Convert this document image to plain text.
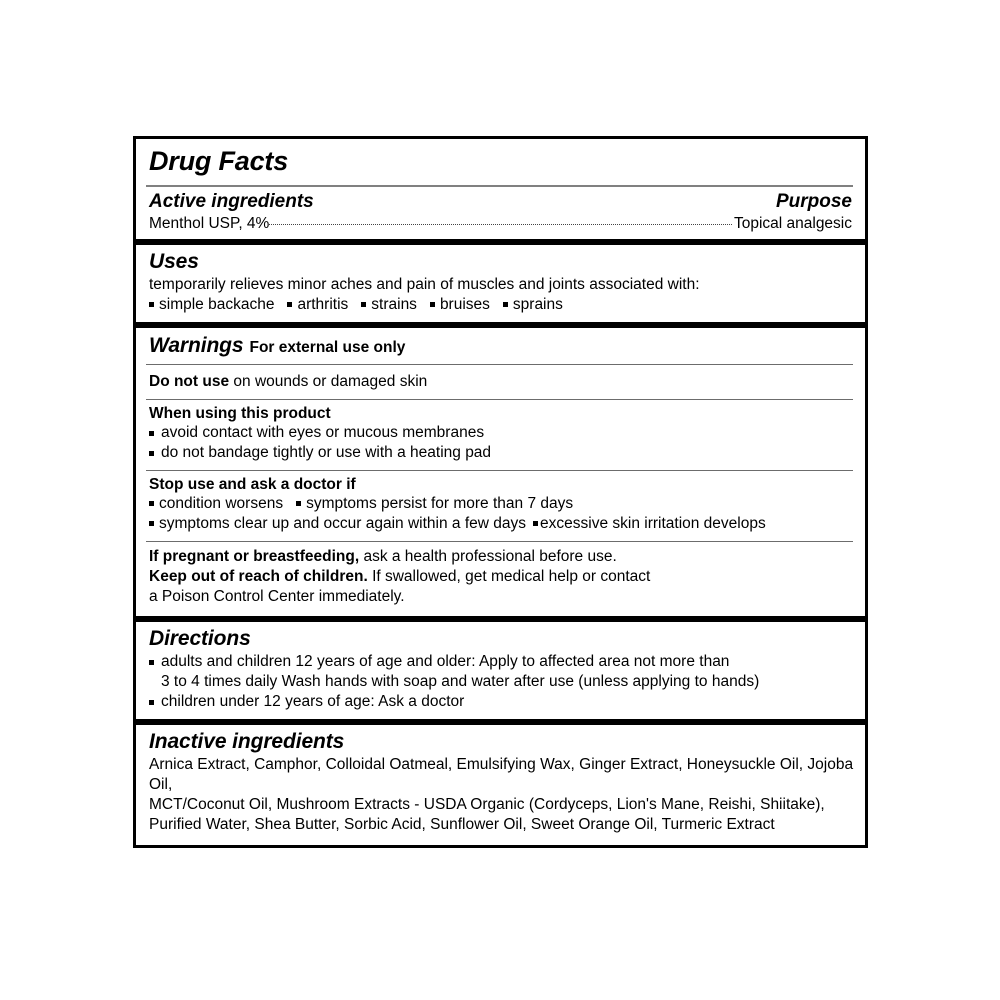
Drug Facts
Active ingredients	Purpose
Menthol USP, 4%	Topical analgesic
Uses
temporarily relieves minor aches and pain of muscles and joints associated with:
simple backache arthritis strains bruises sprains
Warnings For external use only
Do not use on wounds or damaged skin
When using this product
avoid contact with eyes or mucous membranes
do not bandage tightly or use with a heating pad
Stop use and ask a doctor if
condition worsens symptoms persist for more than 7 days
symptoms clear up and occur again within a few days excessive skin irritation develops
If pregnant or breastfeeding, ask a health professional before use.
Keep out of reach of children. If swallowed, get medical help or contact
a Poison Control Center immediately.
Directions
adults and children 12 years of age and older: Apply to affected area not more than
3 to 4 times daily Wash hands with soap and water after use (unless applying to hands)
children under 12 years of age: Ask a doctor
Inactive ingredients
Arnica Extract, Camphor, Colloidal Oatmeal, Emulsifying Wax, Ginger Extract, Honeysuckle Oil, Jojoba Oil,
MCT/Coconut Oil, Mushroom Extracts - USDA Organic (Cordyceps, Lion's Mane, Reishi, Shiitake),
Purified Water, Shea Butter, Sorbic Acid, Sunflower Oil, Sweet Orange Oil, Turmeric Extract
